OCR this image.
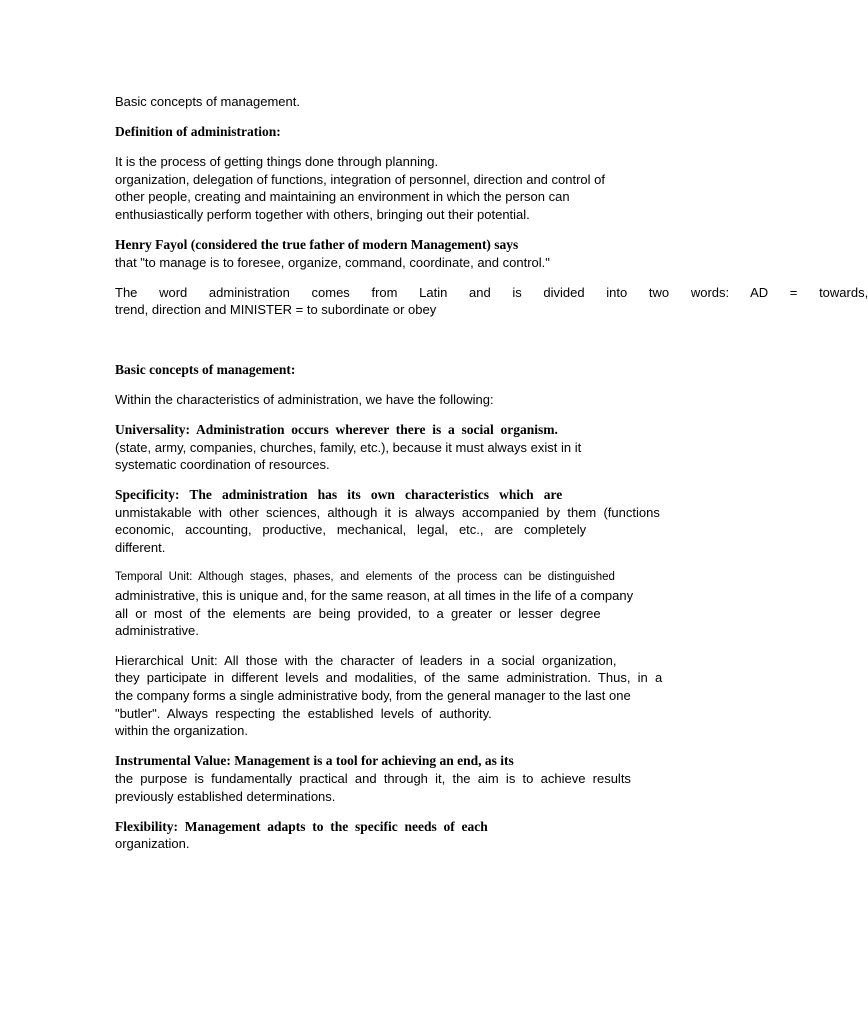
Basic concepts of management.

Definition of administration:

It is the process of getting things done through planning.

organization, delegation of functions, integration of personnel, direction and control of

other people, creating and maintaining an environment in which the person can

enthusiastically perform together with others, bringing out their potential.

Henry Fayol (considered the true father of modern Management) says

that "to manage is to foresee, organize, command, coordinate, and control."

The      word      administration      comes      from      Latin      and      is      divided      into      two      words:      AD      =      towards,

trend, direction and MINISTER = to subordinate or obey

Basic concepts of management:

Within the characteristics of administration, we have the following:

Universality:  Administration  occurs  wherever  there  is  a  social  organism.

(state, army, companies, churches, family, etc.), because it must always exist in it

systematic coordination of resources.

Specificity:   The   administration   has   its   own   characteristics   which   are

unmistakable  with  other  sciences,  although  it  is  always  accompanied  by  them  (functions

economic,   accounting,   productive,   mechanical,   legal,   etc.,   are   completely

different.

Temporal  Unit:  Although  stages,  phases,  and  elements  of  the  process  can  be  distinguished

administrative, this is unique and, for the same reason, at all times in the life of a company

all  or  most  of  the  elements  are  being  provided,  to  a  greater  or  lesser  degree

administrative.

Hierarchical  Unit:  All  those  with  the  character  of  leaders  in  a  social  organization,

they  participate  in  different  levels  and  modalities,  of  the  same  administration.  Thus,  in  a

the company forms a single administrative body, from the general manager to the last one

"butler".  Always  respecting  the  established  levels  of  authority.

within the organization.

Instrumental Value: Management is a tool for achieving an end, as its

the  purpose  is  fundamentally  practical  and  through  it,  the  aim  is  to  achieve  results

previously established determinations.

Flexibility:  Management  adapts  to  the  specific  needs  of  each

organization.
